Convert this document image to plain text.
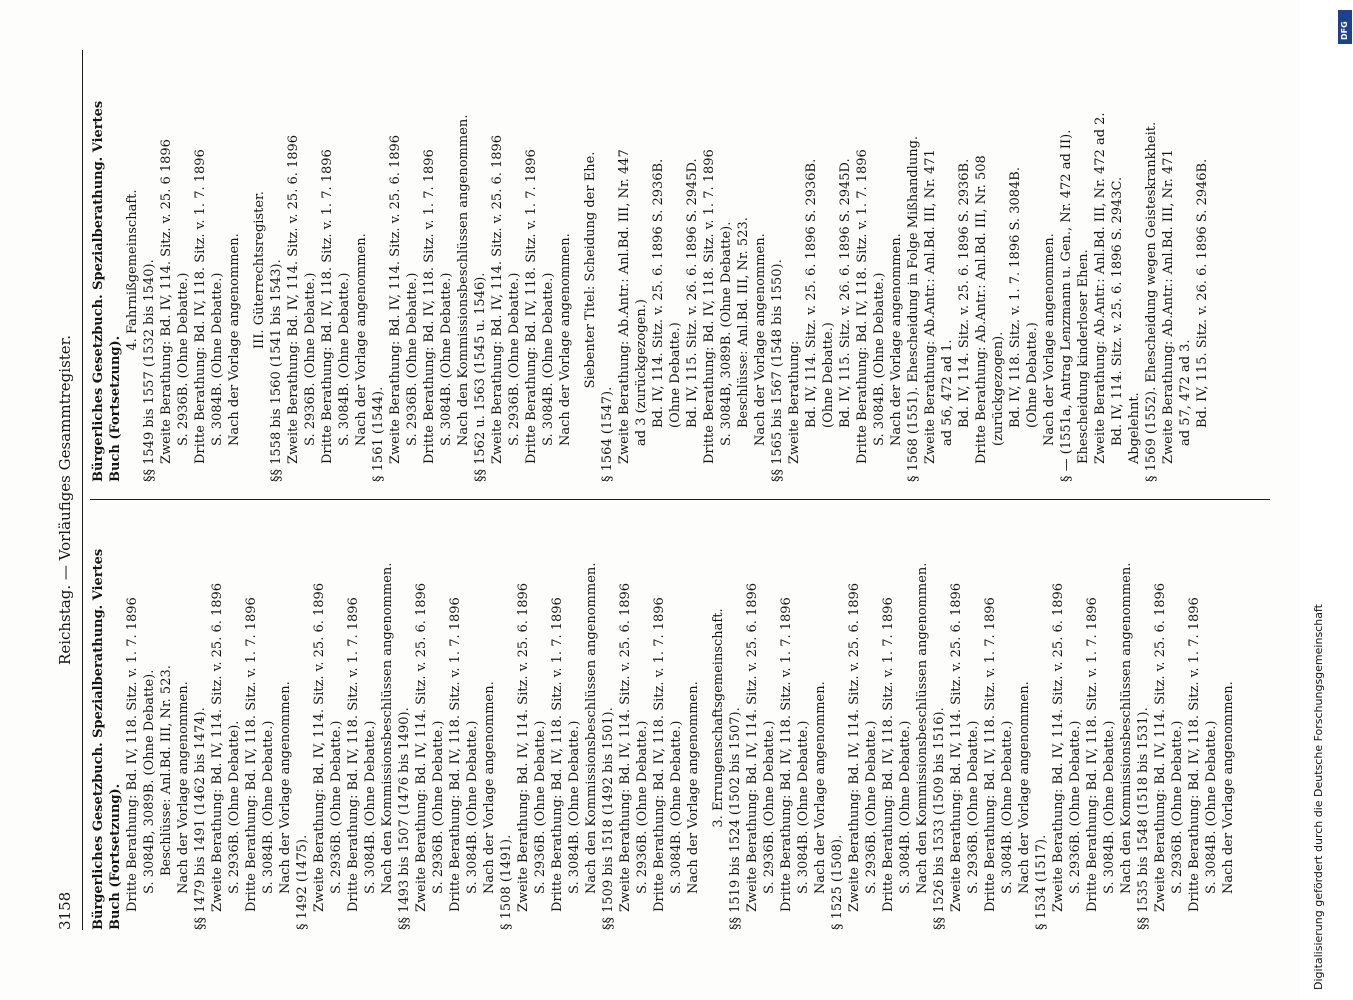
3158
Reichstag. — Vorläufiges Gesammtregister.
Bürgerliches Gesetzbuch. Spezialberathung. Viertes Buch (Fortsetzung). Dritte Berathung: Bd. IV, 118. Sitz. v. 1. 7. 1896 S. 3084B, 3089B. (Ohne Debatte). Beschlüsse: Anl.Bd. III, Nr. 523. Nach der Vorlage angenommen. §§ 1479 bis 1491 (1462 bis 1474). Zweite Berathung: Bd. IV, 114. Sitz. v. 25. 6. 1896 S. 2936B. (Ohne Debatte). Dritte Berathung: Bd. IV, 118. Sitz. v. 1. 7. 1896 S. 3084B. (Ohne Debatte.) Nach der Vorlage angenommen. § 1492 (1475). Zweite Berathung: Bd. IV, 114. Sitz. v. 25. 6. 1896 S. 2936B. (Ohne Debatte.) Dritte Berathung: Bd. IV, 118. Sitz. v. 1. 7. 1896 S. 3084B. (Ohne Debatte.) Nach den Kommissionsbeschlüssen angenommen. §§ 1493 bis 1507 (1476 bis 1490). Zweite Berathung: Bd. IV, 114. Sitz. v. 25. 6. 1896 S. 2936B. (Ohne Debatte.) Dritte Berathung: Bd. IV, 118. Sitz. v. 1. 7. 1896 S. 3084B. (Ohne Debatte.) Nach der Vorlage angenommen. § 1508 (1491). Zweite Berathung: Bd. IV, 114. Sitz. v. 25. 6. 1896 S. 2936B. (Ohne Debatte.) Dritte Berathung: Bd. IV, 118. Sitz. v. 1. 7. 1896 S. 3084B. (Ohne Debatte.) Nach den Kommissionsbeschlüssen angenommen. §§ 1509 bis 1518 (1492 bis 1501). Zweite Berathung: Bd. IV, 114. Sitz. v. 25. 6. 1896 S. 2936B. (Ohne Debatte.) Dritte Berathung: Bd. IV, 118. Sitz. v. 1. 7. 1896 S. 3084B. (Ohne Debatte.) Nach der Vorlage angenommen. 3. Errungenschaftsgemeinschaft. §§ 1519 bis 1524 (1502 bis 1507). Zweite Berathung: Bd. IV, 114. Sitz. v. 25. 6. 1896 S. 2936B. (Ohne Debatte.) Dritte Berathung: Bd. IV, 118. Sitz. v. 1. 7. 1896 S. 3084B. (Ohne Debatte.) Nach der Vorlage angenommen. § 1525 (1508). Zweite Berathung: Bd. IV, 114. Sitz. v. 25. 6. 1896 S. 2936B. (Ohne Debatte.) Dritte Berathung: Bd. IV, 118. Sitz. v. 1. 7. 1896 S. 3084B. (Ohne Debatte.) Nach den Kommissionsbeschlüssen angenommen. §§ 1526 bis 1533 (1509 bis 1516). Zweite Berathung: Bd. IV, 114. Sitz. v. 25. 6. 1896 S. 2936B. (Ohne Debatte.) Dritte Berathung: Bd. IV, 118. Sitz. v. 1. 7. 1896 S. 3084B. (Ohne Debatte.) Nach der Vorlage angenommen. § 1534 (1517). Zweite Berathung: Bd. IV, 114. Sitz. v. 25. 6. 1896 S. 2936B. (Ohne Debatte.) Dritte Berathung: Bd. IV, 118. Sitz. v. 1. 7. 1896 S. 3084B. (Ohne Debatte.) Nach den Kommissionsbeschlüssen angenommen. §§ 1535 bis 1548 (1518 bis 1531). Zweite Berathung: Bd. IV, 114. Sitz. v. 25. 6. 1896 S. 2936B. (Ohne Debatte.) Dritte Berathung: Bd. IV, 118. Sitz. v. 1. 7. 1896 S. 3084B. (Ohne Debatte.) Nach der Vorlage angenommen.
Bürgerliches Gesetzbuch. Spezialberathung. Viertes Buch (Fortsetzung).
4. Fahrnißgemeinschaft. §§ 1549 bis 1557 (1532 bis 1540). Zweite Berathung: Bd. IV, 114. Sitz. v. 25. 6 1896 S. 2936B. (Ohne Debatte.) Dritte Berathung: Bd. IV, 118. Sitz. v. 1. 7. 1896 S. 3084B. (Ohne Debatte.) Nach der Vorlage angenommen. III. Güterrechtsregister. §§ 1558 bis 1560 (1541 bis 1543). Zweite Berathung: Bd. IV, 114. Sitz. v. 25. 6. 1896 S. 2936B. (Ohne Debatte.) Dritte Berathung: Bd. IV, 118. Sitz. v. 1. 7. 1896 S. 3084B. (Ohne Debatte.) Nach der Vorlage angenommen. § 1561 (1544). Zweite Berathung: Bd. IV, 114. Sitz. v. 25. 6. 1896 S. 2936B. (Ohne Debatte.) Dritte Berathung: Bd. IV, 118. Sitz. v. 1. 7. 1896 S. 3084B. (Ohne Debatte.) Nach den Kommissionsbeschlüssen angenommen. §§ 1562 u. 1563 (1545 u. 1546). Zweite Berathung: Bd. IV, 114. Sitz. v. 25. 6. 1896 S. 2936B. (Ohne Debatte.) Dritte Berathung: Bd. IV, 118. Sitz. v. 1. 7. 1896 S. 3084B. (Ohne Debatte.) Nach der Vorlage angenommen. Siebenter Titel: Scheidung der Ehe.
§ 1564 (1547). Zweite Berathung: Ab.Antr.: Anl.Bd. III, Nr. 447 ad 3 (zurückgezogen.) Bd. IV, 114. Sitz. v. 25. 6. 1896 S. 2936B. (Ohne Debatte.) Bd. IV, 115. Sitz. v. 26. 6. 1896 S. 2945D. Dritte Berathung: Bd. IV, 118. Sitz. v. 1. 7. 1896 S. 3084B, 3089B. (Ohne Debatte). Beschlüsse: Anl.Bd. III, Nr. 523. Nach der Vorlage angenommen. §§ 1565 bis 1567 (1548 bis 1550). Zweite Berathung: Bd. IV, 114. Sitz. v. 25. 6. 1896 S. 2936B. (Ohne Debatte.) Bd. IV, 115. Sitz. v. 26. 6. 1896 S. 2945D. Dritte Berathung: Bd. IV, 118. Sitz. v. 1. 7. 1896 S. 3084B. (Ohne Debatte.) Nach der Vorlage angenommen. § 1568 (1551). Ehescheidung in Folge Mißhandlung. Zweite Berathung: Ab.Antr.: Anl.Bd. III, Nr. 471 ad 56, 472 ad 1. Bd. IV, 114. Sitz. v. 25. 6. 1896 S. 2936B. Dritte Berathung: Ab.Antr.: Anl.Bd. III, Nr. 508 (zurückgezogen). Bd. IV, 118. Sitz. v. 1. 7. 1896 S. 3084B. (Ohne Debatte.) Nach der Vorlage angenommen. § — (1551a, Antrag Lenzmann u. Gen., Nr. 472 ad II). Ehescheidung kinderloser Ehen. Zweite Berathung: Ab.Antr.: Anl.Bd. III, Nr. 472 ad 2. Bd. IV, 114. Sitz. v. 25. 6. 1896 S. 2943C. Abgelehnt. § 1569 (1552). Ehescheidung wegen Geisteskrankheit. Zweite Berathung: Ab.Antr.: Anl.Bd. III, Nr. 471 ad 57, 472 ad 3. Bd. IV, 115. Sitz. v. 26. 6. 1896 S. 2946B.
Digitalisierung gefördert durch die Deutsche Forschungsgemeinschaft
DFG
